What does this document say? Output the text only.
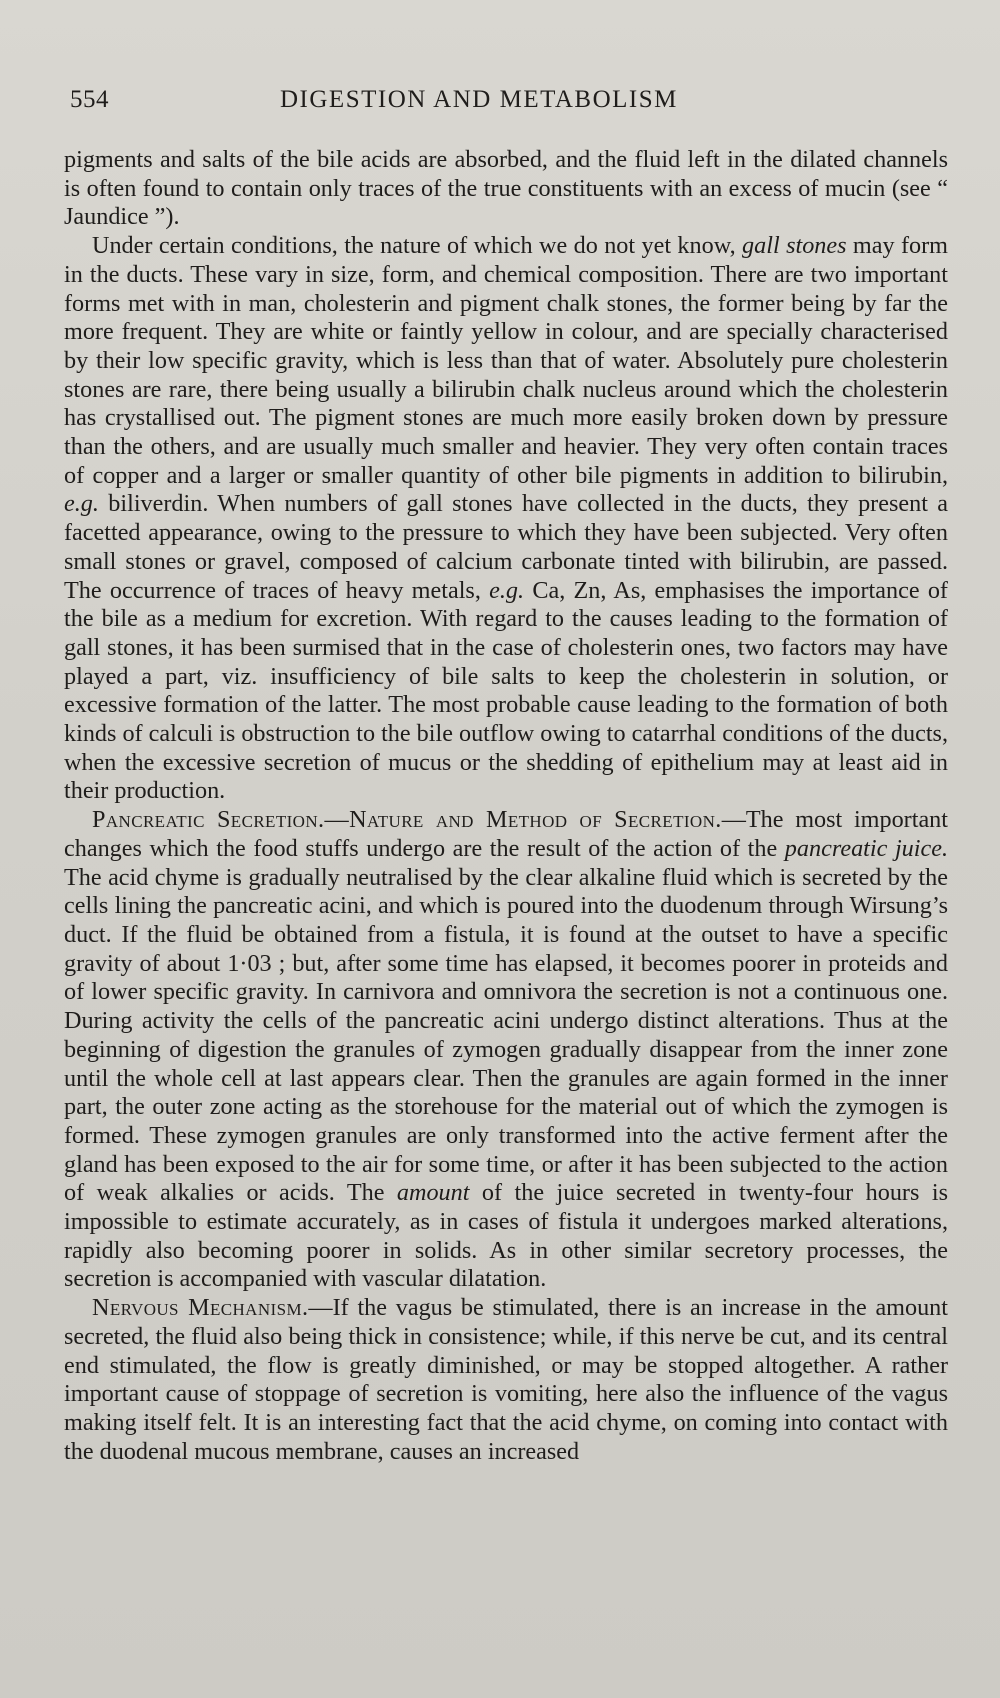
554	DIGESTION AND METABOLISM

pigments and salts of the bile acids are absorbed, and the fluid left in the dilated channels is often found to contain only traces of the true constituents with an excess of mucin (see “ Jaundice ”).

Under certain conditions, the nature of which we do not yet know, gall stones may form in the ducts. These vary in size, form, and chemical composition. There are two important forms met with in man, cholesterin and pigment chalk stones, the former being by far the more frequent. They are white or faintly yellow in colour, and are specially characterised by their low specific gravity, which is less than that of water. Absolutely pure cholesterin stones are rare, there being usually a bilirubin chalk nucleus around which the cholesterin has crystallised out. The pigment stones are much more easily broken down by pressure than the others, and are usually much smaller and heavier. They very often contain traces of copper and a larger or smaller quantity of other bile pigments in addition to bilirubin, e.g. biliverdin. When numbers of gall stones have collected in the ducts, they present a facetted appearance, owing to the pressure to which they have been subjected. Very often small stones or gravel, composed of calcium carbonate tinted with bilirubin, are passed. The occurrence of traces of heavy metals, e.g. Ca, Zn, As, emphasises the importance of the bile as a medium for excretion. With regard to the causes leading to the formation of gall stones, it has been surmised that in the case of cholesterin ones, two factors may have played a part, viz. insufficiency of bile salts to keep the cholesterin in solution, or excessive formation of the latter. The most probable cause leading to the formation of both kinds of calculi is obstruction to the bile outflow owing to catarrhal conditions of the ducts, when the excessive secretion of mucus or the shedding of epithelium may at least aid in their production.

Pancreatic Secretion.—Nature and Method of Secretion.—The most important changes which the food stuffs undergo are the result of the action of the pancreatic juice. The acid chyme is gradually neutralised by the clear alkaline fluid which is secreted by the cells lining the pancreatic acini, and which is poured into the duodenum through Wirsung’s duct. If the fluid be obtained from a fistula, it is found at the outset to have a specific gravity of about 1·03 ; but, after some time has elapsed, it becomes poorer in proteids and of lower specific gravity. In carnivora and omnivora the secretion is not a continuous one. During activity the cells of the pancreatic acini undergo distinct alterations. Thus at the beginning of digestion the granules of zymogen gradually disappear from the inner zone until the whole cell at last appears clear. Then the granules are again formed in the inner part, the outer zone acting as the storehouse for the material out of which the zymogen is formed. These zymogen granules are only transformed into the active ferment after the gland has been exposed to the air for some time, or after it has been subjected to the action of weak alkalies or acids. The amount of the juice secreted in twenty-four hours is impossible to estimate accurately, as in cases of fistula it undergoes marked alterations, rapidly also becoming poorer in solids. As in other similar secretory processes, the secretion is accompanied with vascular dilatation.

Nervous Mechanism.—If the vagus be stimulated, there is an increase in the amount secreted, the fluid also being thick in consistence; while, if this nerve be cut, and its central end stimulated, the flow is greatly diminished, or may be stopped altogether. A rather important cause of stoppage of secretion is vomiting, here also the influence of the vagus making itself felt. It is an interesting fact that the acid chyme, on coming into contact with the duodenal mucous membrane, causes an increased
